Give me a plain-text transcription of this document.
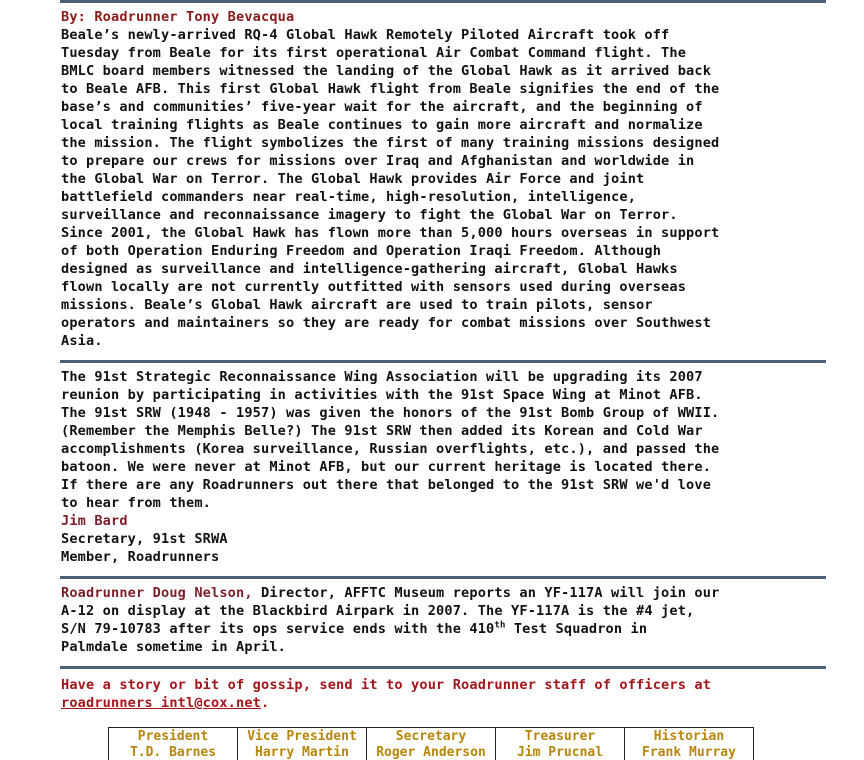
By: Roadrunner Tony Bevacqua
Beale’s newly-arrived RQ-4 Global Hawk Remotely Piloted Aircraft took off
Tuesday from Beale for its first operational Air Combat Command flight. The
BMLC board members witnessed the landing of the Global Hawk as it arrived back
to Beale AFB. This first Global Hawk flight from Beale signifies the end of the
base’s and communities’ five-year wait for the aircraft, and the beginning of
local training flights as Beale continues to gain more aircraft and normalize
the mission. The flight symbolizes the first of many training missions designed
to prepare our crews for missions over Iraq and Afghanistan and worldwide in
the Global War on Terror. The Global Hawk provides Air Force and joint
battlefield commanders near real-time, high-resolution, intelligence,
surveillance and reconnaissance imagery to fight the Global War on Terror.
Since 2001, the Global Hawk has flown more than 5,000 hours overseas in support
of both Operation Enduring Freedom and Operation Iraqi Freedom. Although
designed as surveillance and intelligence-gathering aircraft, Global Hawks
flown locally are not currently outfitted with sensors used during overseas
missions. Beale’s Global Hawk aircraft are used to train pilots, sensor
operators and maintainers so they are ready for combat missions over Southwest
Asia.
The 91st Strategic Reconnaissance Wing Association will be upgrading its 2007
reunion by participating in activities with the 91st Space Wing at Minot AFB.
The 91st SRW (1948 - 1957) was given the honors of the 91st Bomb Group of WWII.
(Remember the Memphis Belle?) The 91st SRW then added its Korean and Cold War
accomplishments (Korea surveillance, Russian overflights, etc.), and passed the
batoon. We were never at Minot AFB, but our current heritage is located there.
If there are any Roadrunners out there that belonged to the 91st SRW we'd love
to hear from them.
Jim Bard
Secretary, 91st SRWA
Member, Roadrunners
Roadrunner Doug Nelson, Director, AFFTC Museum reports an YF-117A will join our
A-12 on display at the Blackbird Airpark in 2007. The YF-117A is the #4 jet,
S/N 79-10783 after its ops service ends with the 410th Test Squadron in
Palmdale sometime in April.
Have a story or bit of gossip, send it to your Roadrunner staff of officers at
roadrunners intl@cox.net.
President	Vice President	Secretary	Treasurer	Historian
T.D. Barnes	Harry Martin	Roger Anderson	Jim Prucnal	Frank Murray
